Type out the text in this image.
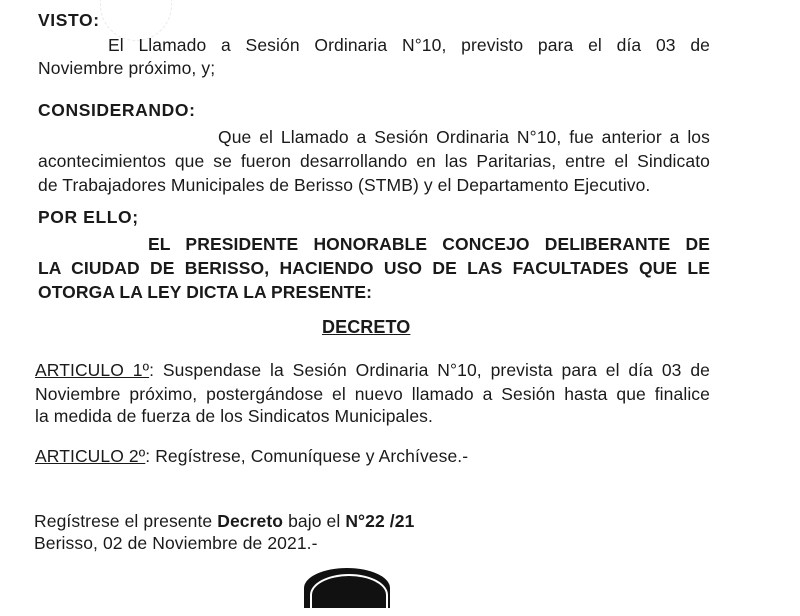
VISTO:
El Llamado a Sesión Ordinaria N°10, previsto para el día 03 de
Noviembre próximo, y;
CONSIDERANDO:
Que el Llamado a Sesión Ordinaria N°10, fue anterior a los
acontecimientos que se fueron desarrollando en las Paritarias, entre el Sindicato
de Trabajadores Municipales de Berisso (STMB) y el Departamento Ejecutivo.
POR ELLO;
EL PRESIDENTE HONORABLE CONCEJO DELIBERANTE DE
LA CIUDAD DE BERISSO, HACIENDO USO DE LAS FACULTADES QUE LE
OTORGA LA LEY DICTA LA PRESENTE:
DECRETO
ARTICULO 1º: Suspendase la Sesión Ordinaria N°10, prevista para el día 03 de
Noviembre próximo, postergándose el nuevo llamado a Sesión hasta que finalice
la medida de fuerza de los Sindicatos Municipales.
ARTICULO 2º: Regístrese, Comuníquese y Archívese.-
Regístrese el presente Decreto bajo el N°22 /21
Berisso, 02 de Noviembre de 2021.-
